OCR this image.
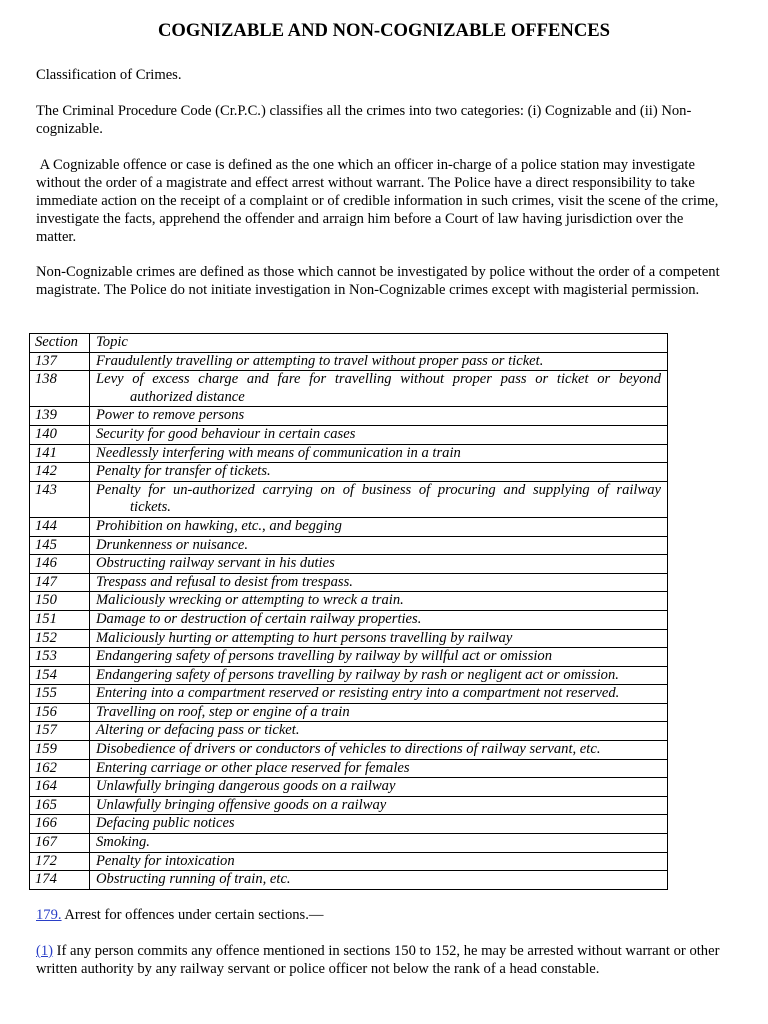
COGNIZABLE AND NON-COGNIZABLE OFFENCES

Classification of Crimes.

The Criminal Procedure Code (Cr.P.C.) classifies all the crimes into two categories: (i) Cognizable and (ii) Non-cognizable.

A Cognizable offence or case is defined as the one which an officer in-charge of a police station may investigate without the order of a magistrate and effect arrest without warrant. The Police have a direct responsibility to take immediate action on the receipt of a complaint or of credible information in such crimes, visit the scene of the crime, investigate the facts, apprehend the offender and arraign him before a Court of law having jurisdiction over the matter.

Non-Cognizable crimes are defined as those which cannot be investigated by police without the order of a competent magistrate. The Police do not initiate investigation in Non-Cognizable crimes except with magisterial permission.

Section	Topic
137	Fraudulently travelling or attempting to travel without proper pass or ticket.

138	Levy of excess charge and fare for travelling without proper pass or ticket or beyond
authorized distance

139	Power to remove persons

140	Security for good behaviour in certain cases

141	Needlessly interfering with means of communication in a train

142	Penalty for transfer of tickets.

143	Penalty for un-authorized carrying on of business of procuring and supplying of railway
tickets.

144	Prohibition on hawking, etc., and begging

145	Drunkenness or nuisance.

146	Obstructing railway servant in his duties

147	Trespass and refusal to desist from trespass.

150	Maliciously wrecking or attempting to wreck a train.

151	Damage to or destruction of certain railway properties.

152	Maliciously hurting or attempting to hurt persons travelling by railway

153	Endangering safety of persons travelling by railway by willful act or omission

154	Endangering safety of persons travelling by railway by rash or negligent act or omission.

155	Entering into a compartment reserved or resisting entry into a compartment not reserved.

156	Travelling on roof, step or engine of a train

157	Altering or defacing pass or ticket.

159	Disobedience of drivers or conductors of vehicles to directions of railway servant, etc.

162	Entering carriage or other place reserved for females

164	Unlawfully bringing dangerous goods on a railway

165	Unlawfully bringing offensive goods on a railway

166	Defacing public notices

167	Smoking.

172	Penalty for intoxication

174	Obstructing running of train, etc.

179. Arrest for offences under certain sections.—

(1) If any person commits any offence mentioned in sections 150 to 152, he may be arrested without warrant or other written authority by any railway servant or police officer not below the rank of a head constable.
